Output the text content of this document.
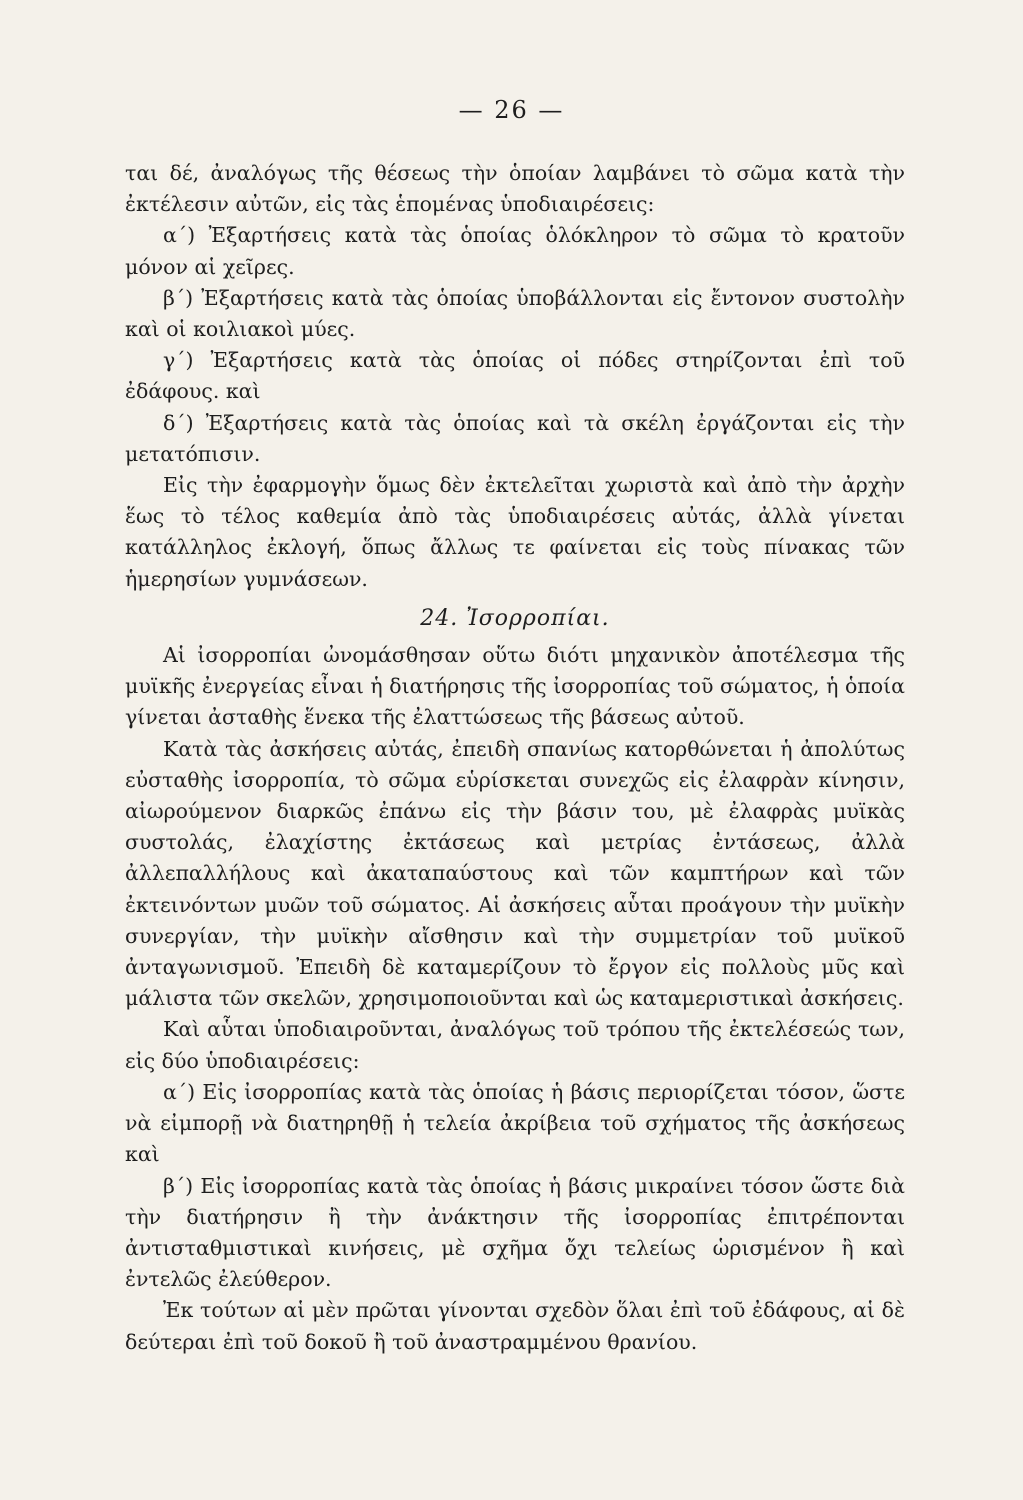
— 26 —

ται δέ, ἀναλόγως τῆς θέσεως τὴν ὁποίαν λαμβάνει τὸ σῶμα κατὰ τὴν ἐκτέλεσιν αὐτῶν, εἰς τὰς ἑπομένας ὑποδιαιρέσεις:

α΄) Ἐξαρτήσεις κατὰ τὰς ὁποίας ὁλόκληρον τὸ σῶμα τὸ κρατοῦν μόνον αἱ χεῖρες.

β΄) Ἐξαρτήσεις κατὰ τὰς ὁποίας ὑποβάλλονται εἰς ἔντονον συστολὴν καὶ οἱ κοιλιακοὶ μύες.

γ΄) Ἐξαρτήσεις κατὰ τὰς ὁποίας οἱ πόδες στηρίζονται ἐπὶ τοῦ ἐδάφους. καὶ

δ΄) Ἐξαρτήσεις κατὰ τὰς ὁποίας καὶ τὰ σκέλη ἐργάζονται εἰς τὴν μετατόπισιν.

Εἰς τὴν ἐφαρμογὴν ὅμως δὲν ἐκτελεῖται χωριστὰ καὶ ἀπὸ τὴν ἀρχὴν ἕως τὸ τέλος καθεμία ἀπὸ τὰς ὑποδιαιρέσεις αὐτάς, ἀλλὰ γίνεται κατάλληλος ἐκλογή, ὅπως ἄλλως τε φαίνεται εἰς τοὺς πίνακας τῶν ἡμερησίων γυμνάσεων.

24. Ἰσορροπίαι.

Αἱ ἰσορροπίαι ὠνομάσθησαν οὕτω διότι μηχανικὸν ἀποτέλεσμα τῆς μυϊκῆς ἐνεργείας εἶναι ἡ διατήρησις τῆς ἰσορροπίας τοῦ σώματος, ἡ ὁποία γίνεται ἀσταθὴς ἕνεκα τῆς ἐλαττώσεως τῆς βάσεως αὐτοῦ.

Κατὰ τὰς ἀσκήσεις αὐτάς, ἐπειδὴ σπανίως κατορθώνεται ἡ ἀπολύτως εὐσταθὴς ἰσορροπία, τὸ σῶμα εὑρίσκεται συνεχῶς εἰς ἐλαφρὰν κίνησιν, αἰωρούμενον διαρκῶς ἐπάνω εἰς τὴν βάσιν του, μὲ ἐλαφρὰς μυϊκὰς συστολάς, ἐλαχίστης ἐκτάσεως καὶ μετρίας ἐντάσεως, ἀλλὰ ἀλλεπαλλήλους καὶ ἀκαταπαύστους καὶ τῶν καμπτήρων καὶ τῶν ἐκτεινόντων μυῶν τοῦ σώματος. Αἱ ἀσκήσεις αὗται προάγουν τὴν μυϊκὴν συνεργίαν, τὴν μυϊκὴν αἴσθησιν καὶ τὴν συμμετρίαν τοῦ μυϊκοῦ ἀνταγωνισμοῦ. Ἐπειδὴ δὲ καταμερίζουν τὸ ἔργον εἰς πολλοὺς μῦς καὶ μάλιστα τῶν σκελῶν, χρησιμοποιοῦνται καὶ ὡς καταμεριστικαὶ ἀσκήσεις.

Καὶ αὗται ὑποδιαιροῦνται, ἀναλόγως τοῦ τρόπου τῆς ἐκτελέσεώς των, εἰς δύο ὑποδιαιρέσεις:

α΄) Εἰς ἰσορροπίας κατὰ τὰς ὁποίας ἡ βάσις περιορίζεται τόσον, ὥστε νὰ εἰμπορῇ νὰ διατηρηθῇ ἡ τελεία ἀκρίβεια τοῦ σχήματος τῆς ἀσκήσεως καὶ

β΄) Εἰς ἰσορροπίας κατὰ τὰς ὁποίας ἡ βάσις μικραίνει τόσον ὥστε διὰ τὴν διατήρησιν ἢ τὴν ἀνάκτησιν τῆς ἰσορροπίας ἐπιτρέπονται ἀντισταθμιστικαὶ κινήσεις, μὲ σχῆμα ὄχι τελείως ὡρισμένον ἢ καὶ ἐντελῶς ἐλεύθερον.

Ἐκ τούτων αἱ μὲν πρῶται γίνονται σχεδὸν ὅλαι ἐπὶ τοῦ ἐδάφους, αἱ δὲ δεύτεραι ἐπὶ τοῦ δοκοῦ ἢ τοῦ ἀναστραμμένου θρανίου.
